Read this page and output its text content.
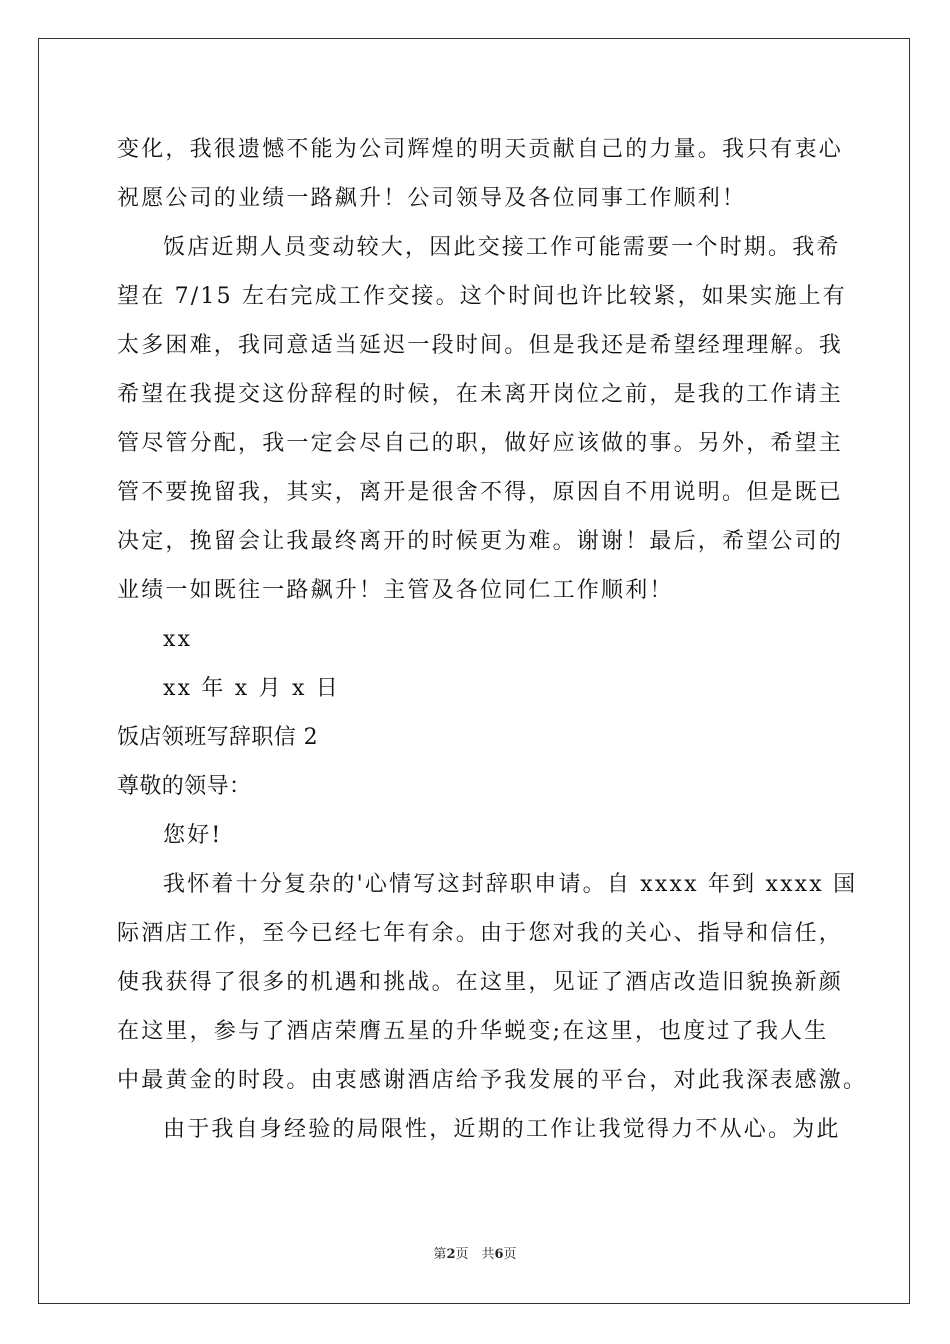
变化，我很遗憾不能为公司辉煌的明天贡献自己的力量。我只有衷心
祝愿公司的业绩一路飙升！公司领导及各位同事工作顺利！
饭店近期人员变动较大，因此交接工作可能需要一个时期。我希
望在 7/15 左右完成工作交接。这个时间也许比较紧，如果实施上有
太多困难，我同意适当延迟一段时间。但是我还是希望经理理解。我
希望在我提交这份辞程的时候，在未离开岗位之前，是我的工作请主
管尽管分配，我一定会尽自己的职，做好应该做的事。另外，希望主
管不要挽留我，其实，离开是很舍不得，原因自不用说明。但是既已
决定，挽留会让我最终离开的时候更为难。谢谢！最后，希望公司的
业绩一如既往一路飙升！主管及各位同仁工作顺利！
xx
xx 年 x 月 x 日
饭店领班写辞职信 2
尊敬的领导：
您好!
我怀着十分复杂的'心情写这封辞职申请。自 xxxx 年到 xxxx 国
际酒店工作，至今已经七年有余。由于您对我的关心、指导和信任，
使我获得了很多的机遇和挑战。在这里，见证了酒店改造旧貌换新颜
在这里，参与了酒店荣膺五星的升华蜕变;在这里，也度过了我人生
中最黄金的时段。由衷感谢酒店给予我发展的平台，对此我深表感激。
由于我自身经验的局限性，近期的工作让我觉得力不从心。为此
第2页　共6页
